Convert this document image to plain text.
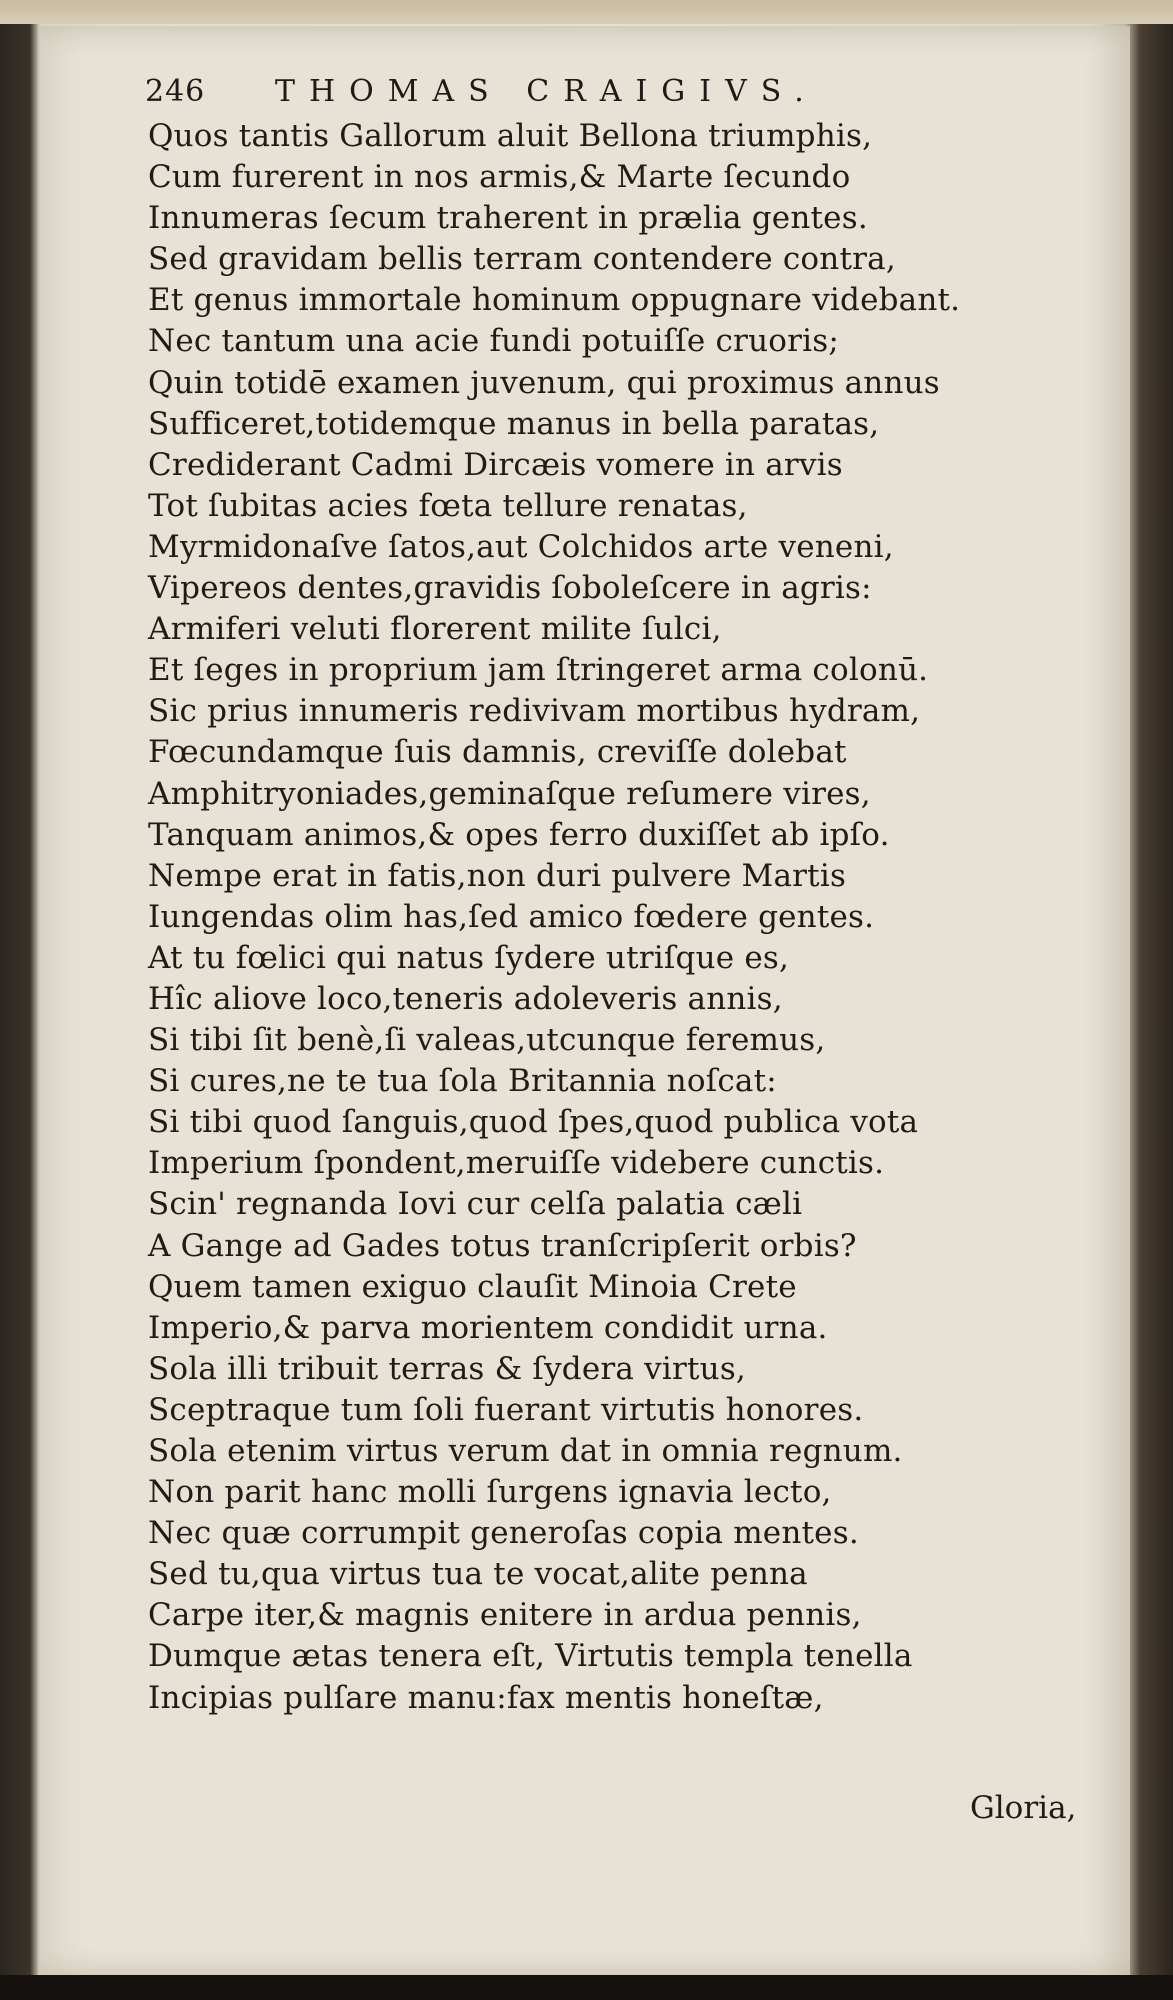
246 THOMAS CRAIGIVS.
Quos tantis Gallorum aluit Bellona triumphis,
Cum furerent in nos armis,& Marte ſecundo
Innumeras ſecum traherent in prælia gentes.
Sed gravidam bellis terram contendere contra,
Et genus immortale hominum oppugnare videbant.
Nec tantum una acie fundi potuiſſe cruoris;
Quin totidē examen juvenum, qui proximus annus
Sufficeret,totidemque manus in bella paratas,
Crediderant Cadmi Dircæis vomere in arvis
Tot ſubitas acies fœta tellure renatas,
Myrmidonaſve ſatos,aut Colchidos arte veneni,
Vipereos dentes,gravidis ſoboleſcere in agris:
Armiferi veluti florerent milite ſulci,
Et ſeges in proprium jam ſtringeret arma colonū.
Sic prius innumeris redivivam mortibus hydram,
Fœcundamque ſuis damnis, creviſſe dolebat
Amphitryoniades,geminaſque reſumere vires,
Tanquam animos,& opes ferro duxiſſet ab ipſo.
Nempe erat in fatis,non duri pulvere Martis
Iungendas olim has,ſed amico fœdere gentes.
At tu fœlici qui natus ſydere utriſque es,
Hîc aliove loco,teneris adoleveris annis,
Si tibi ſit benè,ſi valeas,utcunque feremus,
Si cures,ne te tua ſola Britannia noſcat:
Si tibi quod ſanguis,quod ſpes,quod publica vota
Imperium ſpondent,meruiſſe videbere cunctis.
Scin' regnanda Iovi cur celſa palatia cæli
A Gange ad Gades totus tranſcripſerit orbis?
Quem tamen exiguo clauſit Minoia Crete
Imperio,& parva morientem condidit urna.
Sola illi tribuit terras & ſydera virtus,
Sceptraque tum ſoli fuerant virtutis honores.
Sola etenim virtus verum dat in omnia regnum.
Non parit hanc molli ſurgens ignavia lecto,
Nec quæ corrumpit generoſas copia mentes.
Sed tu,qua virtus tua te vocat,alite penna
Carpe iter,& magnis enitere in ardua pennis,
Dumque ætas tenera eſt, Virtutis templa tenella
Incipias pulſare manu:fax mentis honeſtæ,
Gloria,
